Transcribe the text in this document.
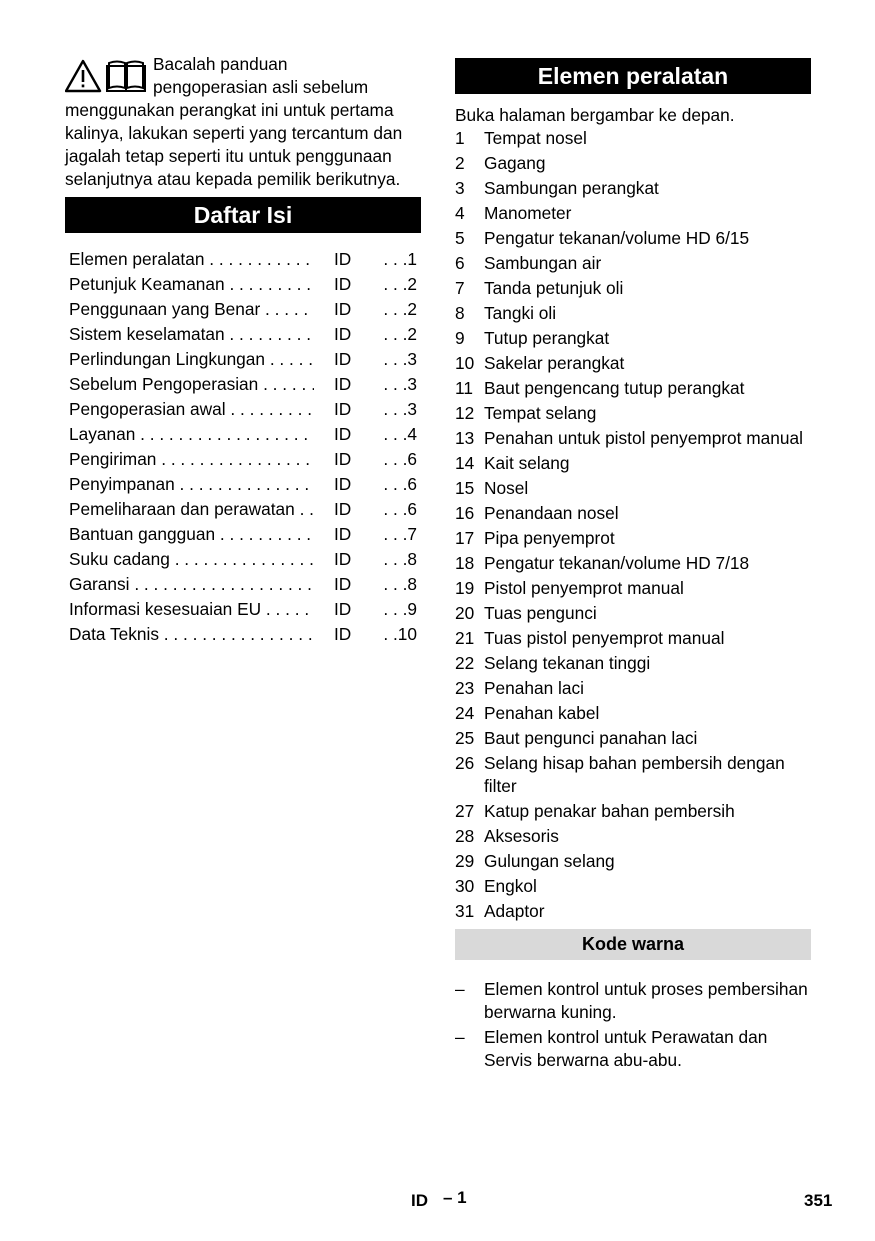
Bacalah panduan
pengoperasian asli sebelum
menggunakan perangkat ini untuk pertama kalinya, lakukan seperti yang tercantum dan jagalah tetap seperti itu untuk penggunaan selanjutnya atau kepada pemilik berikutnya.

Daftar Isi
Elemen peralatan . . .	ID	. . .1
Petunjuk Keamanan . . .	ID	. . .2
Penggunaan yang Benar . . .	ID	. . .2
Sistem keselamatan . . .	ID	. . .2
Perlindungan Lingkungan . . .	ID	. . .3
Sebelum Pengoperasian . . .	ID	. . .3
Pengoperasian awal . . .	ID	. . .3
Layanan . . .	ID	. . .4
Pengiriman . . .	ID	. . .6
Penyimpanan . . .	ID	. . .6
Pemeliharaan dan perawatan . . .	ID	. . .6
Bantuan gangguan . . .	ID	. . .7
Suku cadang . . .	ID	. . .8
Garansi . . .	ID	. . .8
Informasi kesesuaian EU . . .	ID	. . .9
Data Teknis . . .	ID	. .10
Elemen peralatan

Buka halaman bergambar ke depan.

1	Tempat nosel
2	Gagang
3	Sambungan perangkat
4	Manometer
5	Pengatur tekanan/volume HD 6/15
6	Sambungan air
7	Tanda petunjuk oli
8	Tangki oli
9	Tutup perangkat
10 Sakelar perangkat
11 Baut pengencang tutup perangkat
12 Tempat selang
13 Penahan untuk pistol penyemprot manual
14 Kait selang
15 Nosel
16 Penandaan nosel
17 Pipa penyemprot
18 Pengatur tekanan/volume HD 7/18
19 Pistol penyemprot manual
20 Tuas pengunci
21 Tuas pistol penyemprot manual
22 Selang tekanan tinggi
23 Penahan laci
24 Penahan kabel
25 Baut pengunci panahan laci
26 Selang hisap bahan pembersih dengan filter
27 Katup penakar bahan pembersih
28 Aksesoris
29 Gulungan selang
30 Engkol
31 Adaptor
Kode warna
–	Elemen kontrol untuk proses pembersihan berwarna kuning.
–	Elemen kontrol untuk Perawatan dan Servis berwarna abu-abu.
ID – 1	351
